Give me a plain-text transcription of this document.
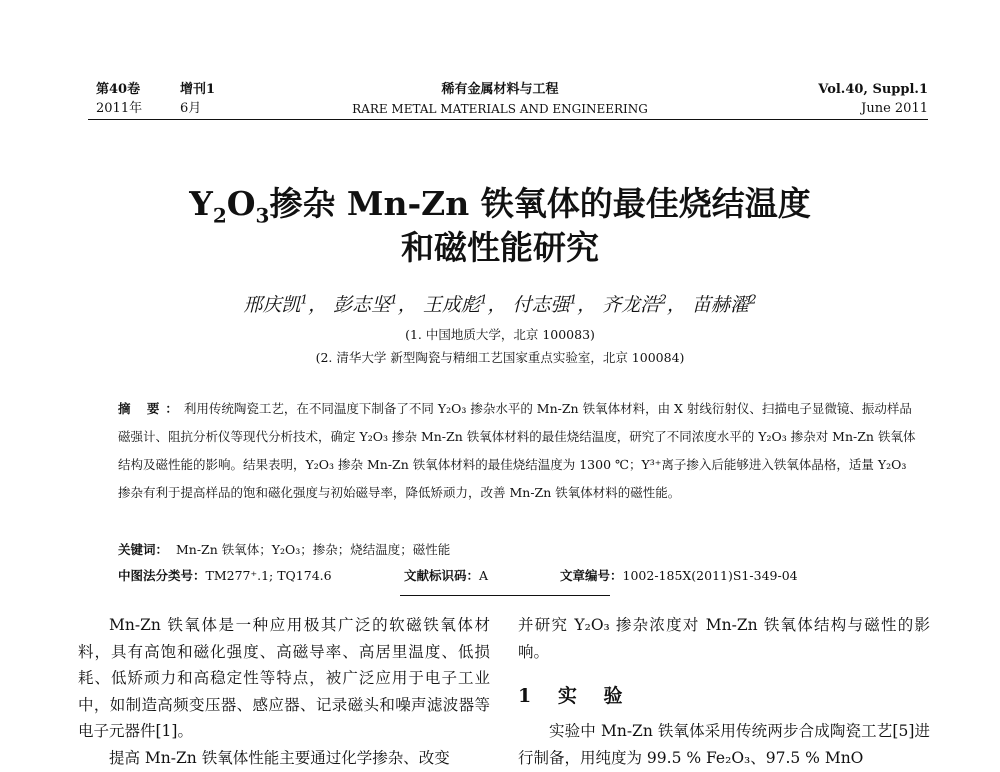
第40卷	增刊1	稀有金属材料与工程	Vol.40, Suppl.1
2011年	6月	RARE METAL MATERIALS AND ENGINEERING	June 2011
$Y_2O_3$掺杂 Mn-Zn 铁氧体的最佳烧结温度
和磁性能研究
邢庆凯$^1$， 彭志坚$^1$， 王成彪$^1$， 付志强$^1$， 齐龙浩$^2$， 苗赫濯$^2$
(1. 中国地质大学，北京 100083)
(2. 清华大学 新型陶瓷与精细工艺国家重点实验室，北京 100084)
摘 要：利用传统陶瓷工艺，在不同温度下制备了不同 Y₂O₃ 掺杂水平的 Mn-Zn 铁氧体材料，由 X 射线衍射仪、扫描电子显微镜、振动样品磁强计、阻抗分析仪等现代分析技术，确定 Y₂O₃ 掺杂 Mn-Zn 铁氧体材料的最佳烧结温度，研究了不同浓度水平的 Y₂O₃ 掺杂对 Mn-Zn 铁氧体结构及磁性能的影响。结果表明，Y₂O₃ 掺杂 Mn-Zn 铁氧体材料的最佳烧结温度为 1300 ℃；Y³⁺离子掺入后能够进入铁氧体晶格，适量 Y₂O₃ 掺杂有利于提高样品的饱和磁化强度与初始磁导率，降低矫顽力，改善 Mn-Zn 铁氧体材料的磁性能。
关键词： Mn-Zn 铁氧体；Y₂O₃；掺杂；烧结温度；磁性能
中图法分类号：TM277⁺.1; TQ174.6	文献标识码：A	文章编号：1002-185X(2011)S1-349-04
Mn-Zn 铁氧体是一种应用极其广泛的软磁铁氧体材料，具有高饱和磁化强度、高磁导率、高居里温度、低损耗、低矫顽力和高稳定性等特点，被广泛应用于电子工业中，如制造高频变压器、感应器、记录磁头和噪声滤波器等电子元器件[1]。
提高 Mn-Zn 铁氧体性能主要通过化学掺杂、改变
并研究 Y₂O₃ 掺杂浓度对 Mn-Zn 铁氧体结构与磁性的影响。
1 实 验
实验中 Mn-Zn 铁氧体采用传统两步合成陶瓷工艺[5]进行制备，用纯度为 99.5 % Fe₂O₃、97.5 % MnO
